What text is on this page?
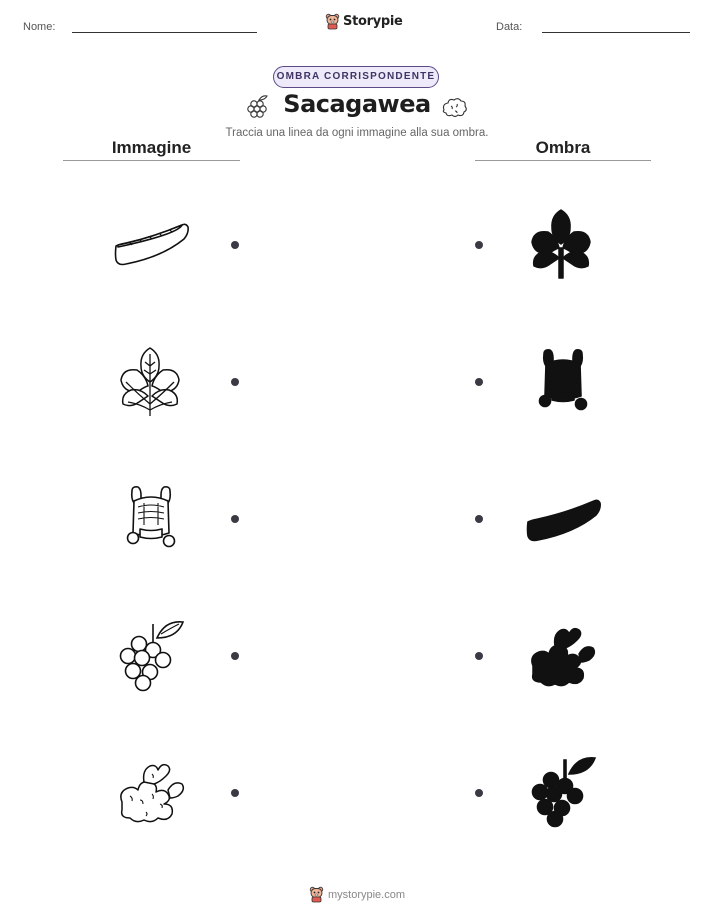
Nome:	Storypie	Data:
OMBRA CORRISPONDENTE
Sacagawea
Traccia una linea da ogni immagine alla sua ombra.
Immagine	Ombra
mystorypie.com
